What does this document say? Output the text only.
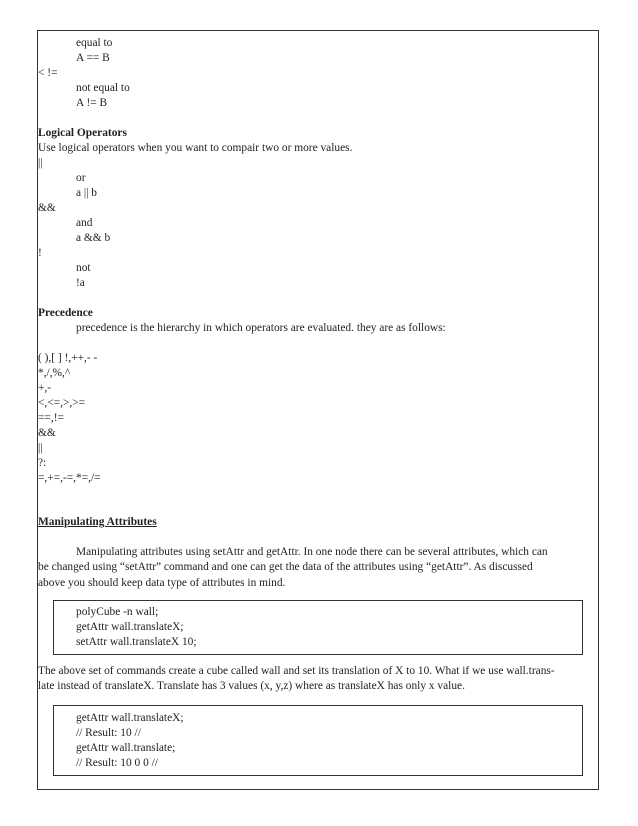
equal to
A == B
< !=
not equal to
A != B
Logical Operators
Use logical operators when you want to compair two or more values.
||
or
a || b
&&
and
a && b
!
not
!a
Precedence
precedence is the hierarchy in which operators are evaluated. they are as follows:
( ),[ ] !,++,- -
*,/,%,^
+,-
<,<=,>,>=
==,!=
&&
||
?:
=,+=,-=,*=,/=
Manipulating Attributes
Manipulating attributes using setAttr and getAttr. In one node there can be several attributes, which can
be changed using “setAttr” command and one can get the data of the attributes using “getAttr”. As discussed
above you should keep data type of attributes in mind.
polyCube -n wall;
getAttr wall.translateX;
setAttr wall.translateX 10;
The above set of commands create a cube called wall and set its translation of X to 10. What if we use wall.trans-
late instead of translateX. Translate has 3 values (x, y,z) where as translateX has only x value.
getAttr wall.translateX;
// Result: 10 //
getAttr wall.translate;
// Result: 10 0 0 //
